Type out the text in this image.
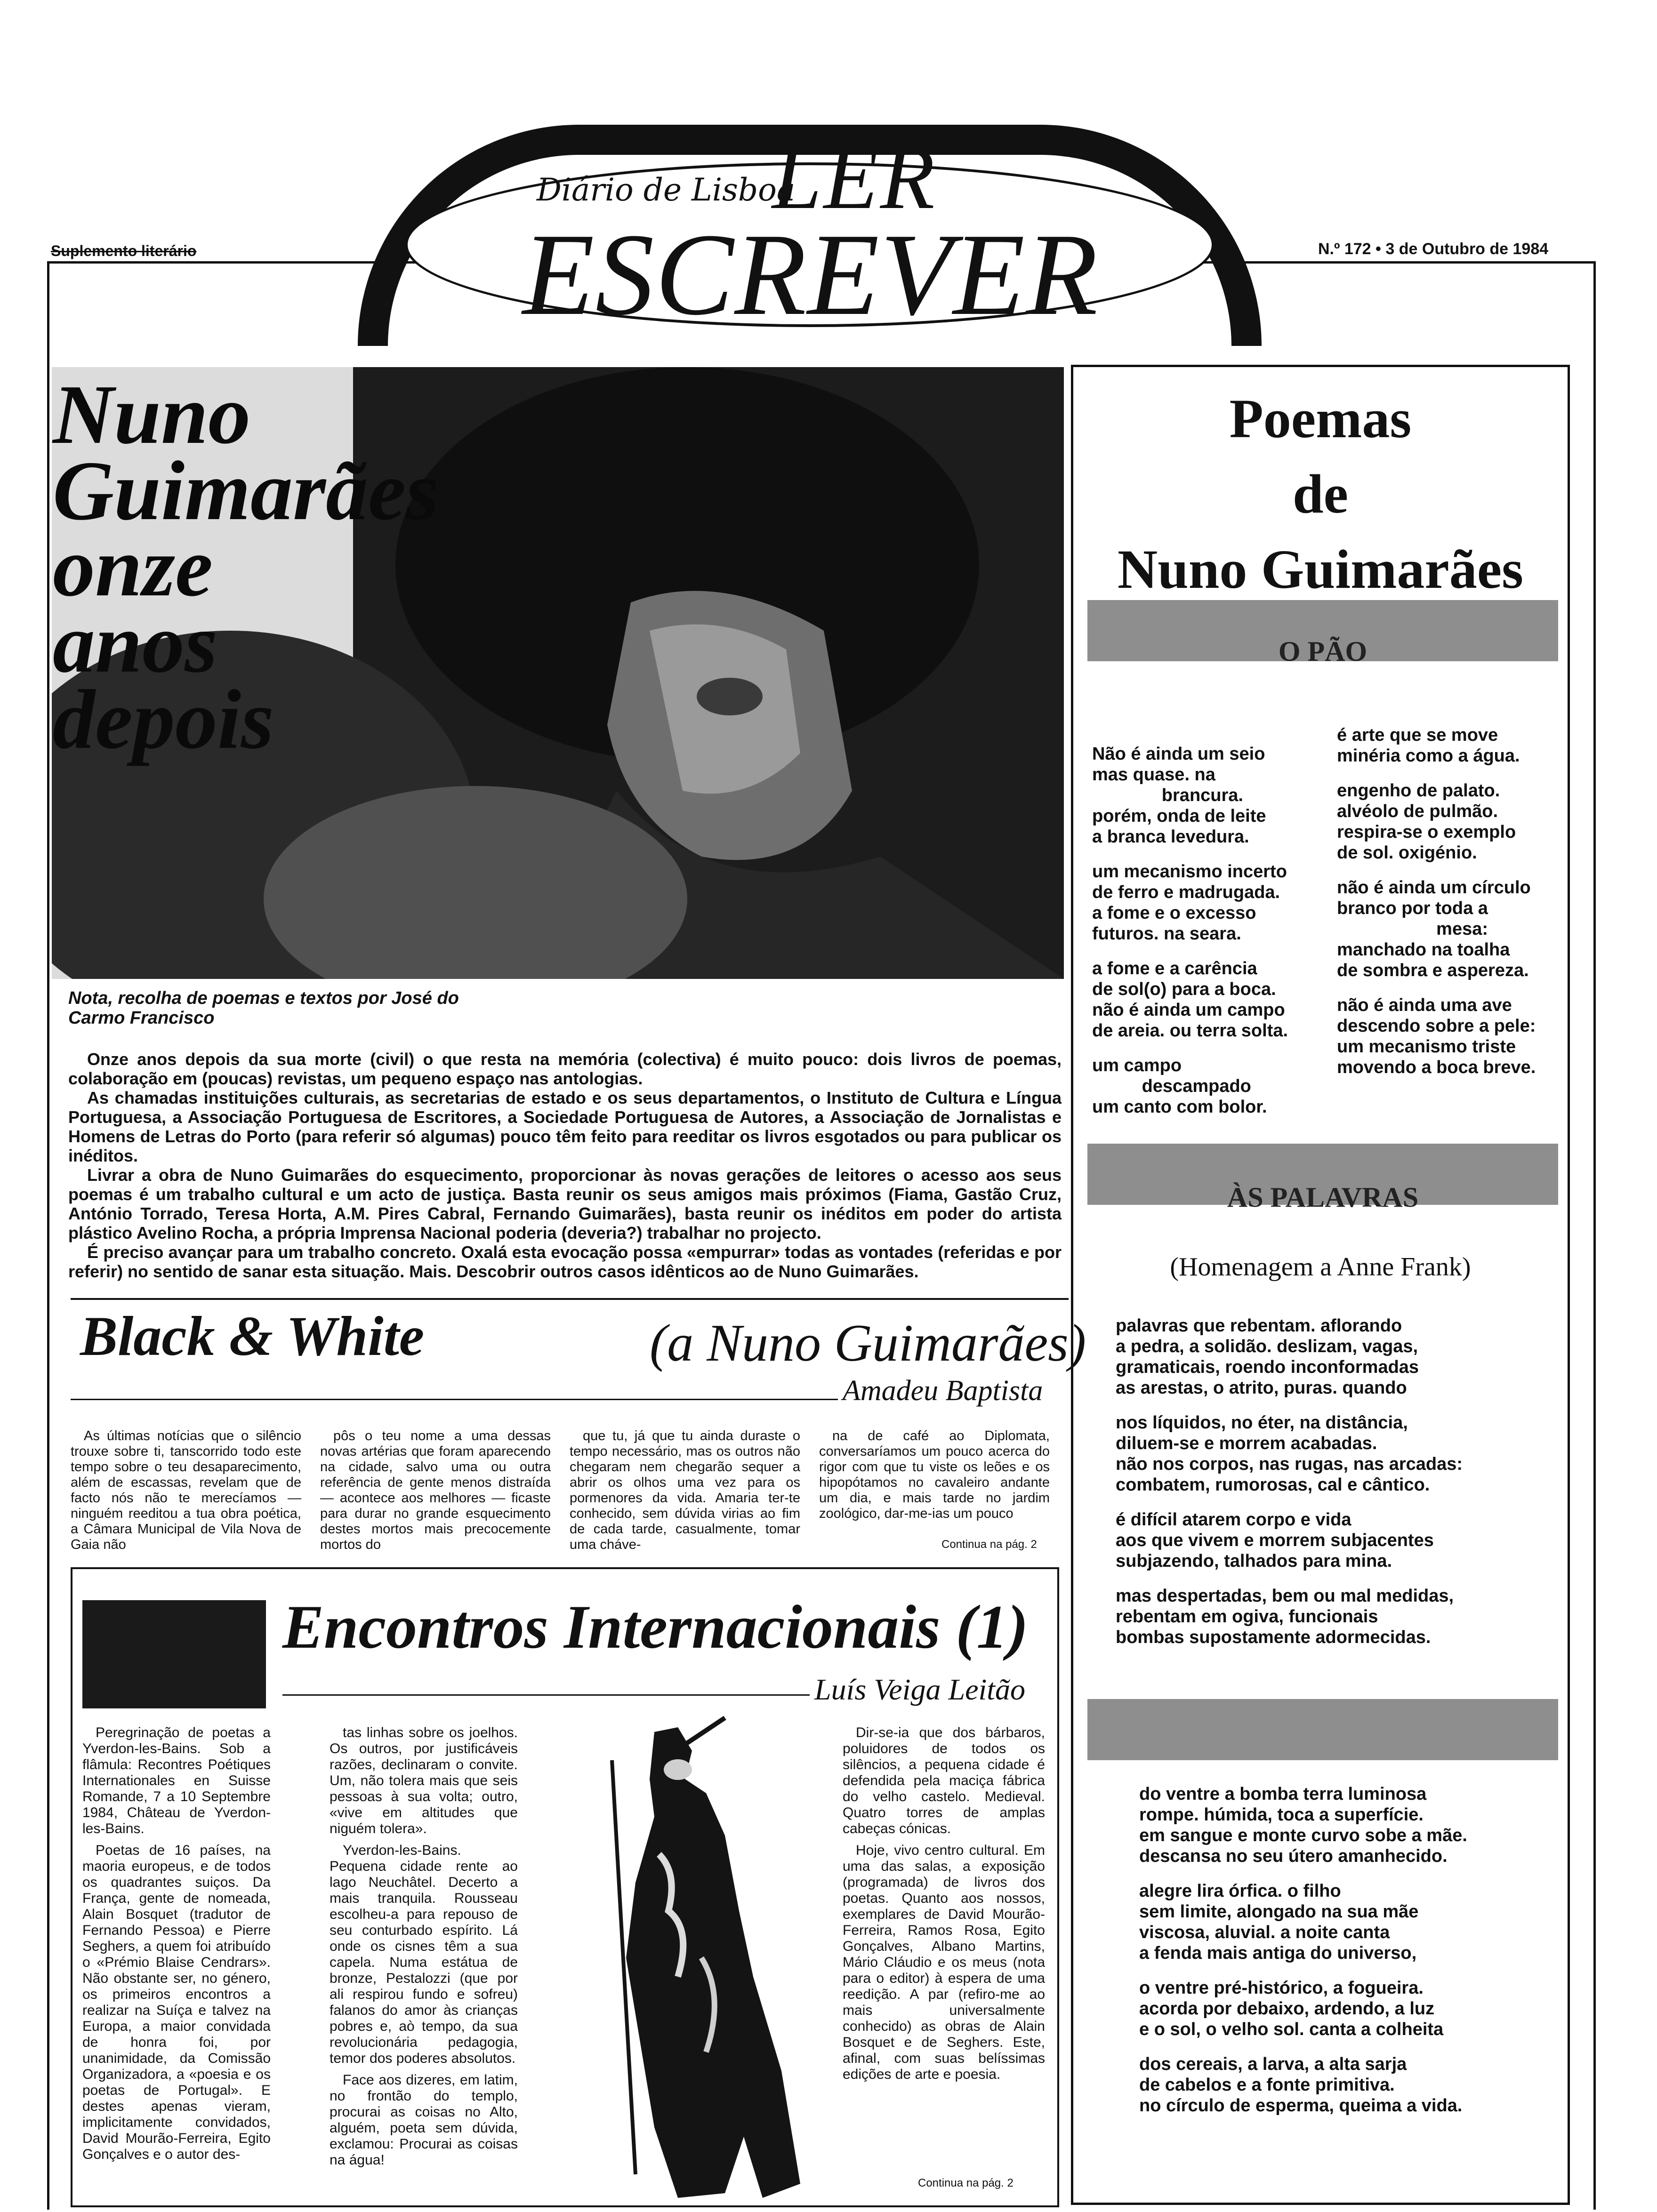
Diário de Lisboa
LER
ESCREVER
Suplemento literário	N.º 172 • 3 de Outubro de 1984
Nuno
Guimarães
onze
anos
depois
Nota, recolha de poemas e textos por José do Carmo Francisco

Onze anos depois da sua morte (civil) o que resta na memória (colectiva) é muito pouco: dois livros de poemas, colaboração em (poucas) revistas, um pequeno espaço nas antologias.

As chamadas instituições culturais, as secretarias de estado e os seus departamentos, o Instituto de Cultura e Língua Portuguesa, a Associação Portuguesa de Escritores, a Sociedade Portuguesa de Autores, a Associação de Jornalistas e Homens de Letras do Porto (para referir só algumas) pouco têm feito para reeditar os livros esgotados ou para publicar os inéditos.

Livrar a obra de Nuno Guimarães do esquecimento, proporcionar às novas gerações de leitores o acesso aos seus poemas é um trabalho cultural e um acto de justiça. Basta reunir os seus amigos mais próximos (Fiama, Gastão Cruz, António Torrado, Teresa Horta, A.M. Pires Cabral, Fernando Guimarães), basta reunir os inéditos em poder do artista plástico Avelino Rocha, a própria Imprensa Nacional poderia (deveria?) trabalhar no projecto.

É preciso avançar para um trabalho concreto. Oxalá esta evocação possa «empurrar» todas as vontades (referidas e por referir) no sentido de sanar esta situação. Mais. Descobrir outros casos idênticos ao de Nuno Guimarães.

Black & White	(a Nuno Guimarães)
Amadeu Baptista
As últimas notícias que o silêncio trouxe sobre ti, tanscorrido todo este tempo sobre o teu desaparecimento, além de escassas, revelam que de facto nós não te merecíamos — ninguém reeditou a tua obra poética, a Câmara Municipal de Vila Nova de Gaia não
pôs o teu nome a uma dessas novas artérias que foram aparecendo na cidade, salvo uma ou outra referência de gente menos distraída — acontece aos melhores — ficaste para durar no grande esquecimento destes mortos mais precocemente mortos do
que tu, já que tu ainda duraste o tempo necessário, mas os outros não chegaram nem chegarão sequer a abrir os olhos uma vez para os pormenores da vida. Amaria ter-te conhecido, sem dúvida virias ao fim de cada tarde, casualmente, tomar uma cháve-
na de café ao Diplomata, conversaríamos um pouco acerca do rigor com que tu viste os leões e os hipopótamos no cavaleiro andante um dia, e mais tarde no jardim zoológico, dar-me-ias um pouco
Continua na pág. 2
Encontros Internacionais (1)
Luís Veiga Leitão

Peregrinação de poetas a Yverdon-les-Bains. Sob a flâmula: Recontres Poétiques Internationales en Suisse Romande, 7 a 10 Septembre 1984, Château de Yverdon-les-Bains.

Poetas de 16 países, na maoria europeus, e de todos os quadrantes suiços. Da França, gente de nomeada, Alain Bosquet (tradutor de Fernando Pessoa) e Pierre Seghers, a quem foi atribuído o «Prémio Blaise Cendrars». Não obstante ser, no género, os primeiros encontros a realizar na Suíça e talvez na Europa, a maior convidada de honra foi, por unanimidade, da Comissão Organizadora, a «poesia e os poetas de Portugal». E destes apenas vieram, implicitamente convidados, David Mourão-Ferreira, Egito Gonçalves e o autor des-

tas linhas sobre os joelhos. Os outros, por justificáveis razões, declinaram o convite. Um, não tolera mais que seis pessoas à sua volta; outro, «vive em altitudes que niguém tolera».

Yverdon-les-Bains. Pequena cidade rente ao lago Neuchâtel. Decerto a mais tranquila. Rousseau escolheu-a para repouso de seu conturbado espírito. Lá onde os cisnes têm a sua capela. Numa estátua de bronze, Pestalozzi (que por ali respirou fundo e sofreu) falanos do amor às crianças pobres e, aò tempo, da sua revolucionária pedagogia, temor dos poderes absolutos.

Face aos dizeres, em latim, no frontão do templo, procurai as coisas no Alto, alguém, poeta sem dúvida, exclamou: Procurai as coisas na água!

Dir-se-ia que dos bárbaros, poluidores de todos os silêncios, a pequena cidade é defendida pela maciça fábrica do velho castelo. Medieval. Quatro torres de amplas cabeças cónicas.

Hoje, vivo centro cultural. Em uma das salas, a exposição (programada) de livros dos poetas. Quanto aos nossos, exemplares de David Mourão-Ferreira, Ramos Rosa, Egito Gonçalves, Albano Martins, Mário Cláudio e os meus (nota para o editor) à espera de uma reedição. A par (refiro-me ao mais universalmente conhecido) as obras de Alain Bosquet e de Seghers. Este, afinal, com suas belíssimas edições de arte e poesia.

Continua na pág. 2
Poemas
de
Nuno Guimarães
O PÃO

Não é ainda um seio
mas quase. na
brancura.
porém, onda de leite
a branca levedura.

um mecanismo incerto
de ferro e madrugada.
a fome e o excesso
futuros. na seara.

a fome e a carência
de sol(o) para a boca.
não é ainda um campo
de areia. ou terra solta.

um campo
descampado
um canto com bolor.

é arte que se move
minéria como a água.

engenho de palato.
alvéolo de pulmão.
respira-se o exemplo
de sol. oxigénio.

não é ainda um círculo
branco por toda a
mesa:
manchado na toalha
de sombra e aspereza.

não é ainda uma ave
descendo sobre a pele:
um mecanismo triste
movendo a boca breve.

ÀS PALAVRAS
(Homenagem a Anne Frank)

palavras que rebentam. aflorando
a pedra, a solidão. deslizam, vagas,
gramaticais, roendo inconformadas
as arestas, o atrito, puras. quando

nos líquidos, no éter, na distância,
diluem-se e morrem acabadas.
não nos corpos, nas rugas, nas arcadas:
combatem, rumorosas, cal e cântico.

é difícil atarem corpo e vida
aos que vivem e morrem subjacentes
subjazendo, talhados para mina.

mas despertadas, bem ou mal medidas,
rebentam em ogiva, funcionais
bombas supostamente adormecidas.

do ventre a bomba terra luminosa
rompe. húmida, toca a superfície.
em sangue e monte curvo sobe a mãe.
descansa no seu útero amanhecido.

alegre lira órfica. o filho
sem limite, alongado na sua mãe
viscosa, aluvial. a noite canta
a fenda mais antiga do universo,

o ventre pré-histórico, a fogueira.
acorda por debaixo, ardendo, a luz
e o sol, o velho sol. canta a colheita

dos cereais, a larva, a alta sarja
de cabelos e a fonte primitiva.
no círculo de esperma, queima a vida.
